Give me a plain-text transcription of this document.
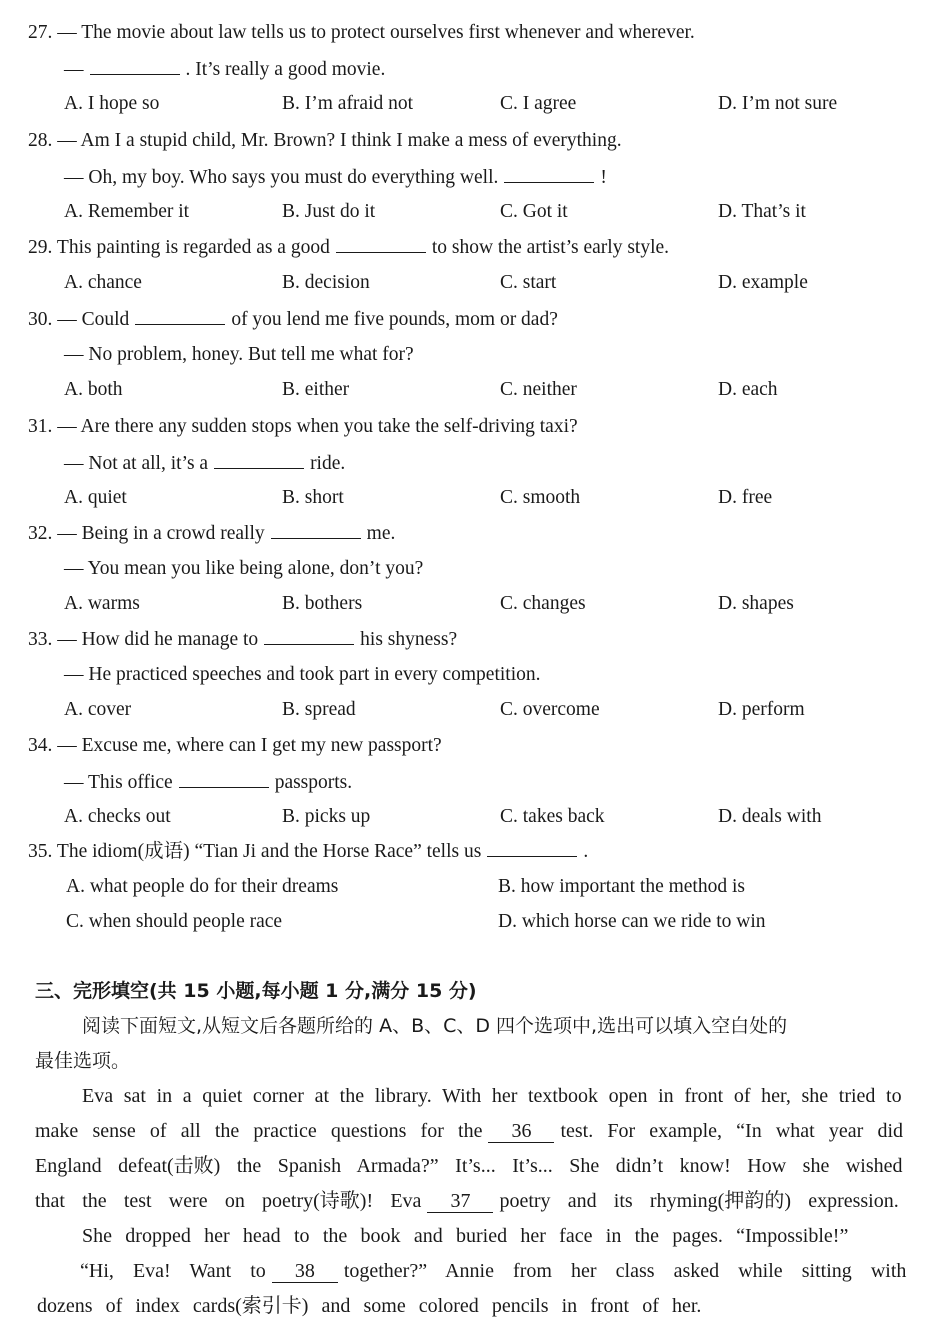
27. — The movie about law tells us to protect ourselves first whenever and wherever.
—	. It’s really a good movie.
A. I hope so	B. I’m afraid not	C. I agree	D. I’m not sure
28. — Am I a stupid child, Mr. Brown? I think I make a mess of everything.
— Oh, my boy. Who says you must do everything well.	!
A. Remember it	B. Just do it	C. Got it	D. That’s it
29. This painting is regarded as a good	to show the artist’s early style.
A. chance	B. decision	C. start	D. example
30. — Could	of you lend me five pounds, mom or dad?
— No problem, honey. But tell me what for?
A. both	B. either	C. neither	D. each
31. — Are there any sudden stops when you take the self-driving taxi?
— Not at all, it’s a	ride.
A. quiet	B. short	C. smooth	D. free
32. — Being in a crowd really	me.
— You mean you like being alone, don’t you?
A. warms	B. bothers	C. changes	D. shapes
33. — How did he manage to	his shyness?
— He practiced speeches and took part in every competition.
A. cover	B. spread	C. overcome	D. perform
34. — Excuse me, where can I get my new passport?
— This office	passports.
A. checks out	B. picks up	C. takes back	D. deals with
35. The idiom(成语) “Tian Ji and the Horse Race” tells us	.
A. what people do for their dreams	B. how important the method is
C. when should people race	D. which horse can we ride to win
三、完形填空(共 15 小题,每小题 1 分,满分 15 分)
阅读下面短文,从短文后各题所给的 A、B、C、D 四个选项中,选出可以填入空白处的
最佳选项。
Eva sat in a quiet corner at the library. With her textbook open in front of her, she tried to
make sense of all the practice questions for the 36 test. For example, “In what year did
England defeat(击败) the Spanish Armada?” It’s... It’s... She didn’t know! How she wished
that the test were on poetry(诗歌)! Eva 37 poetry and its rhyming(押韵的) expression.
She dropped her head to the book and buried her face in the pages. “Impossible!”
“Hi, Eva! Want to 38 together?” Annie from her class asked while sitting with
dozens of index cards(索引卡) and some colored pencils in front of her.
